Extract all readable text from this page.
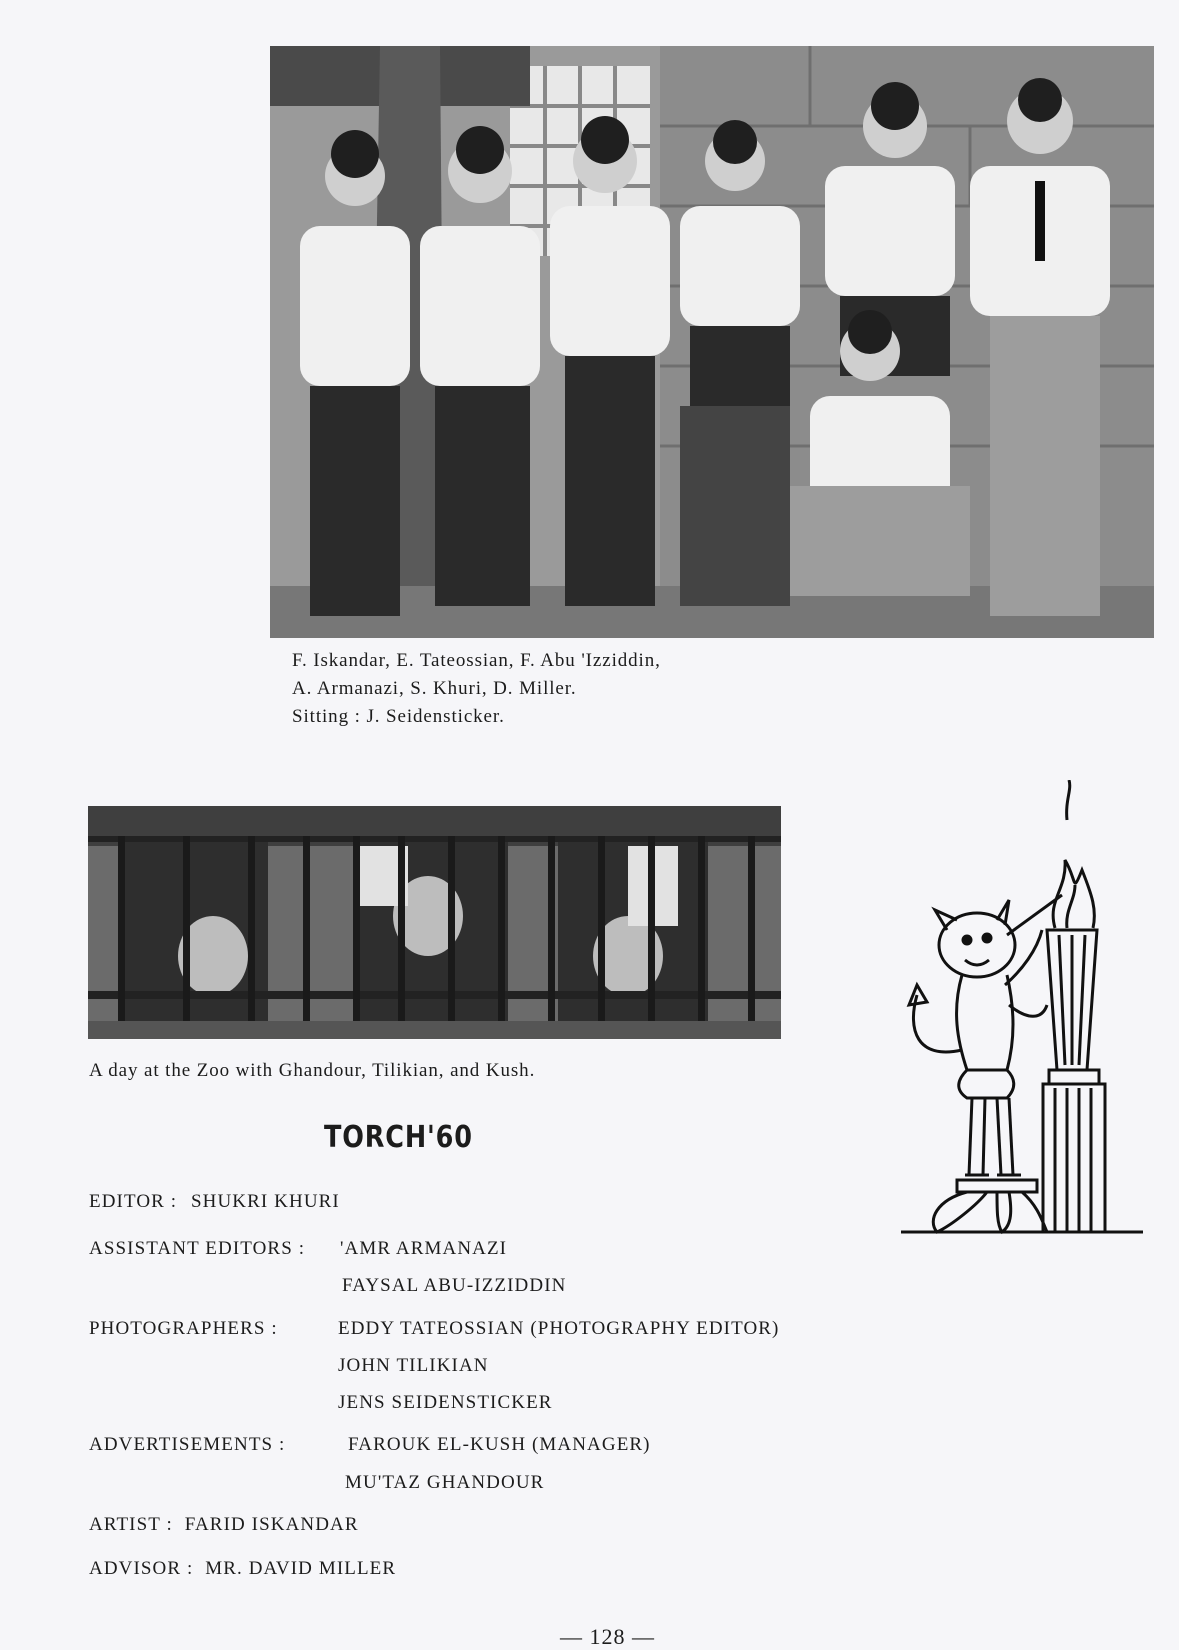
F. Iskandar, E. Tateossian, F. Abu 'Izziddin,
A. Armanazi, S. Khuri, D. Miller.
Sitting : J. Seidensticker.
A day at the Zoo with Ghandour, Tilikian, and Kush.
TORCH'60
EDITOR : SHUKRI KHURI
ASSISTANT EDITORS : 'AMR ARMANAZI
FAYSAL ABU-IZZIDDIN
PHOTOGRAPHERS :	EDDY TATEOSSIAN (PHOTOGRAPHY EDITOR)
JOHN TILIKIAN
JENS SEIDENSTICKER
ADVERTISEMENTS :	FAROUK EL-KUSH (MANAGER)
MU'TAZ GHANDOUR
ARTIST : FARID ISKANDAR
ADVISOR : MR. DAVID MILLER
— 128 —
